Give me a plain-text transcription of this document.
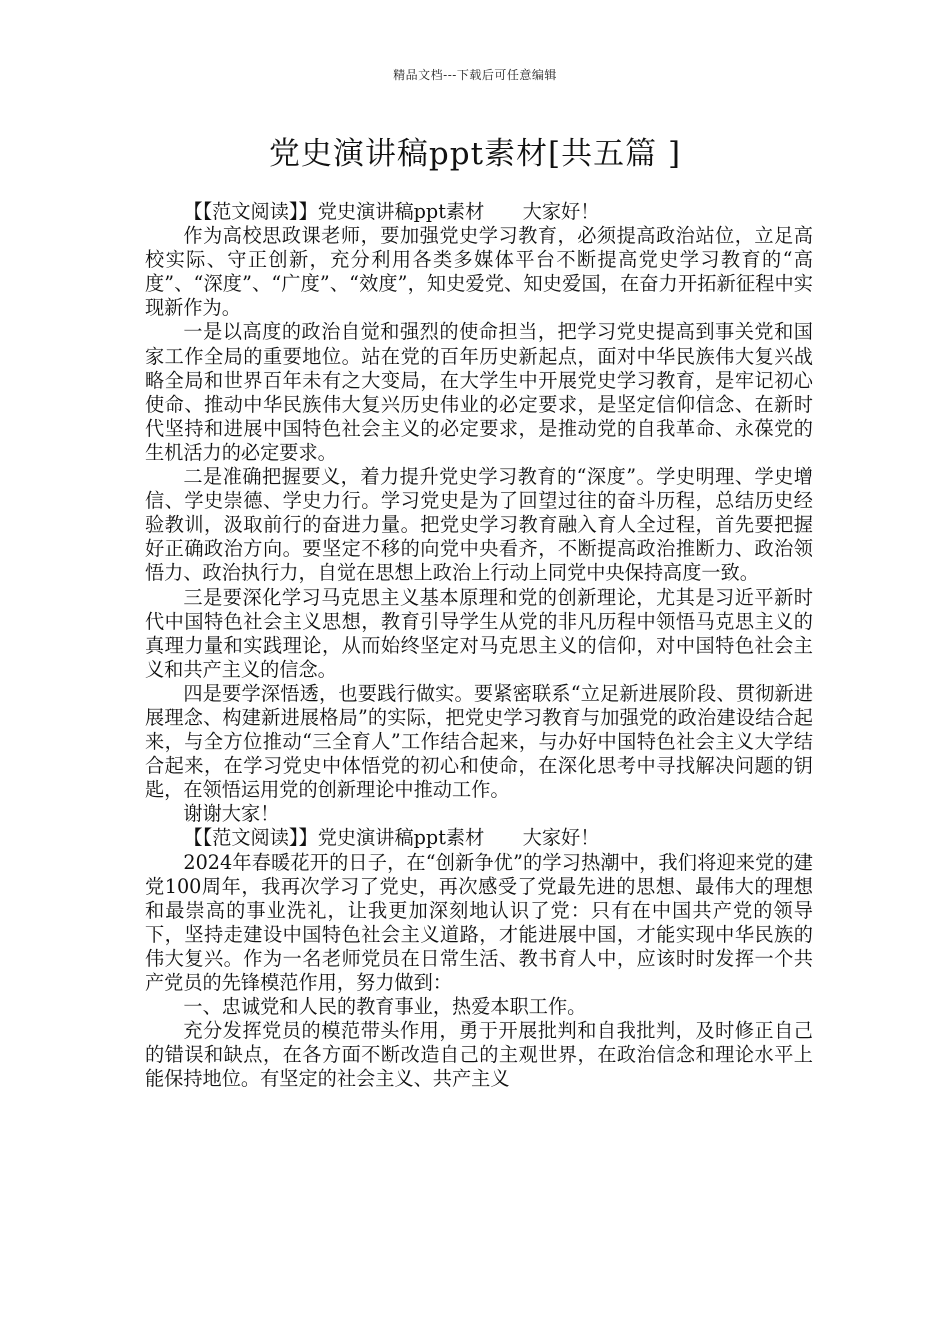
精品文档---下载后可任意编辑
党史演讲稿ppt素材[共五篇 ]

【【范文阅读】】党史演讲稿ppt素材　　大家好！

作为高校思政课老师，要加强党史学习教育，必须提高政治站位，立足高校实际、守正创新，充分利用各类多媒体平台不断提高党史学习教育的“高度”、“深度”、“广度”、“效度”，知史爱党、知史爱国，在奋力开拓新征程中实现新作为。

一是以高度的政治自觉和强烈的使命担当，把学习党史提高到事关党和国家工作全局的重要地位。站在党的百年历史新起点，面对中华民族伟大复兴战略全局和世界百年未有之大变局，在大学生中开展党史学习教育，是牢记初心使命、推动中华民族伟大复兴历史伟业的必定要求，是坚定信仰信念、在新时代坚持和进展中国特色社会主义的必定要求，是推动党的自我革命、永葆党的生机活力的必定要求。

二是准确把握要义，着力提升党史学习教育的“深度”。学史明理、学史增信、学史崇德、学史力行。学习党史是为了回望过往的奋斗历程，总结历史经验教训，汲取前行的奋进力量。把党史学习教育融入育人全过程，首先要把握好正确政治方向。要坚定不移的向党中央看齐，不断提高政治推断力、政治领悟力、政治执行力，自觉在思想上政治上行动上同党中央保持高度一致。

三是要深化学习马克思主义基本原理和党的创新理论，尤其是习近平新时代中国特色社会主义思想，教育引导学生从党的非凡历程中领悟马克思主义的真理力量和实践理论，从而始终坚定对马克思主义的信仰，对中国特色社会主义和共产主义的信念。

四是要学深悟透，也要践行做实。要紧密联系“立足新进展阶段、贯彻新进展理念、构建新进展格局”的实际，把党史学习教育与加强党的政治建设结合起来，与全方位推动“三全育人”工作结合起来，与办好中国特色社会主义大学结合起来，在学习党史中体悟党的初心和使命，在深化思考中寻找解决问题的钥匙，在领悟运用党的创新理论中推动工作。

谢谢大家！

【【范文阅读】】党史演讲稿ppt素材　　大家好！

2024年春暖花开的日子，在“创新争优”的学习热潮中，我们将迎来党的建党100周年，我再次学习了党史，再次感受了党最先进的思想、最伟大的理想和最崇高的事业洗礼，让我更加深刻地认识了党：只有在中国共产党的领导下，坚持走建设中国特色社会主义道路，才能进展中国，才能实现中华民族的伟大复兴。作为一名老师党员在日常生活、教书育人中，应该时时发挥一个共产党员的先锋模范作用，努力做到：

一、忠诚党和人民的教育事业，热爱本职工作。

充分发挥党员的模范带头作用，勇于开展批判和自我批判，及时修正自己的错误和缺点，在各方面不断改造自己的主观世界，在政治信念和理论水平上能保持地位。有坚定的社会主义、共产主义
